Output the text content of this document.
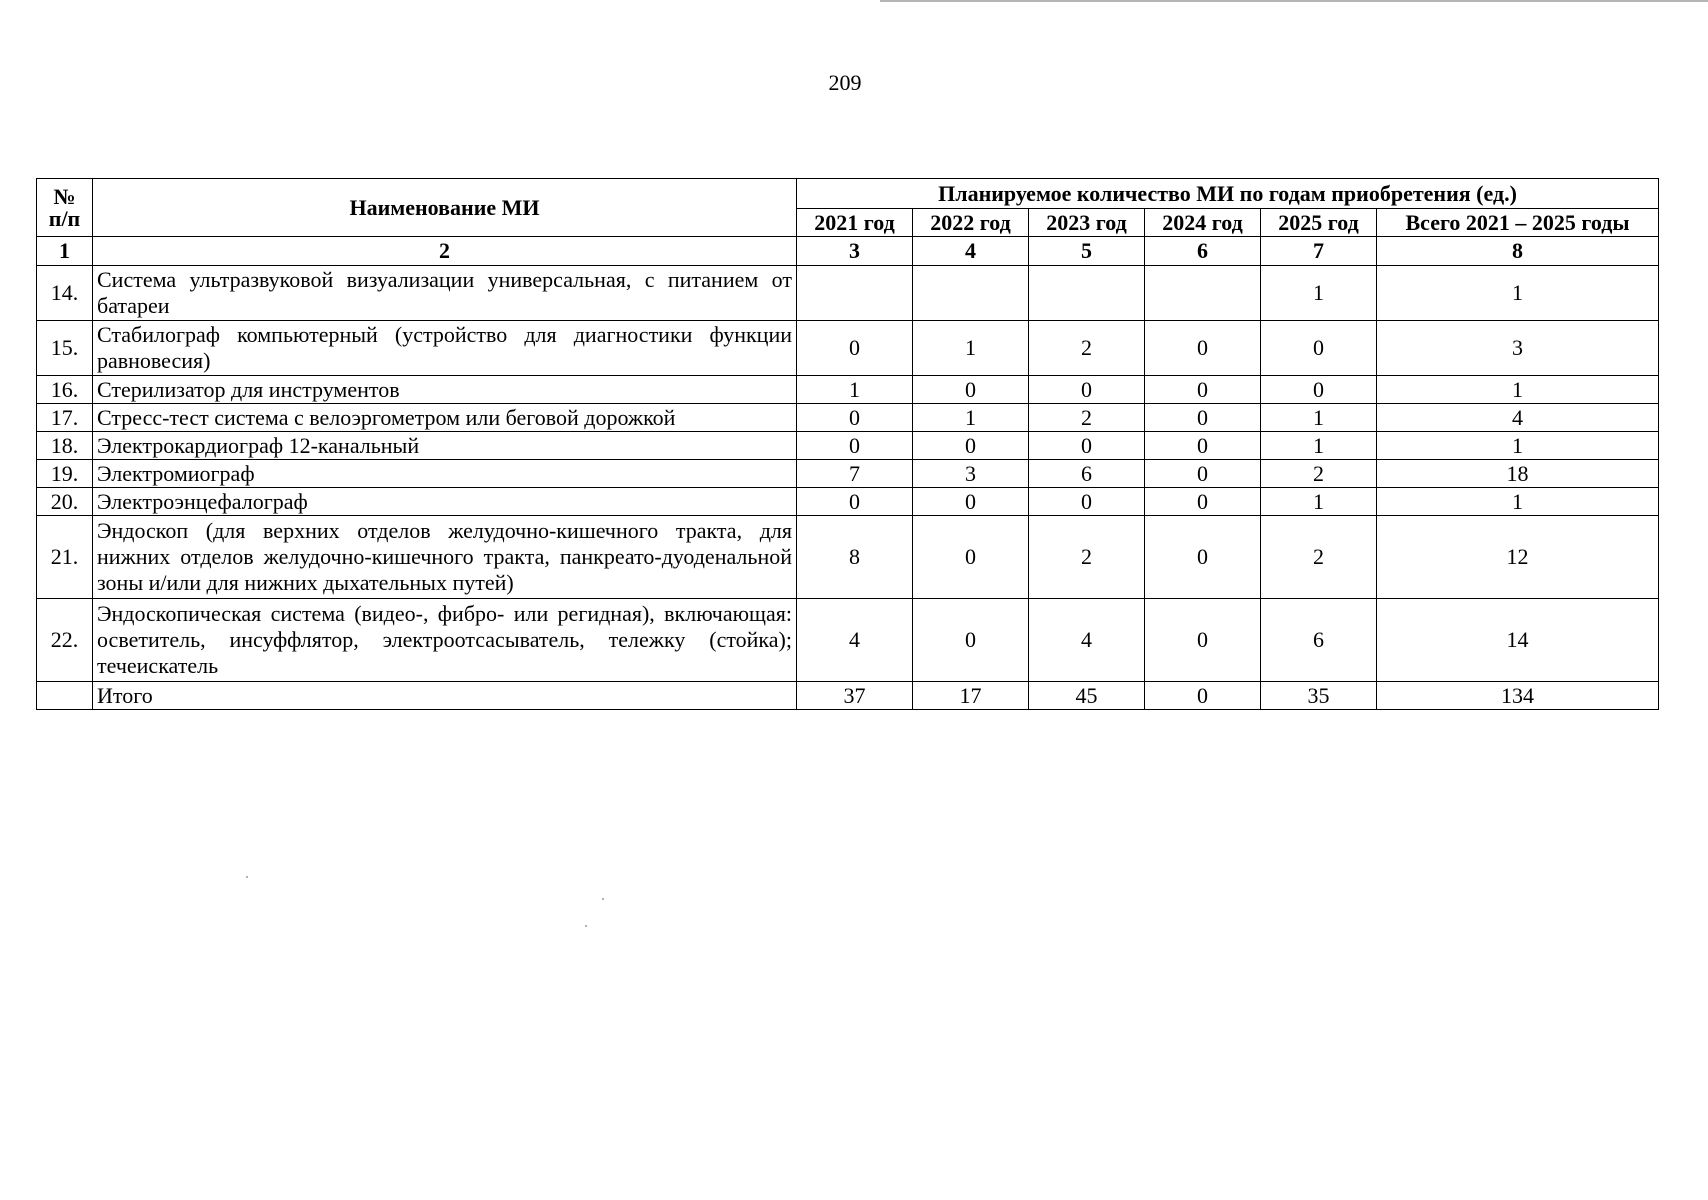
209
№
п/п	Наименование МИ	Планируемое количество МИ по годам приобретения (ед.)					
		2021 год	2022 год	2023 год	2024 год	2025 год	Всего 2021 – 2025 годы
1	2	3	4	5	6	7	8
14.	Система ультразвуковой визуализации универсальная, с питанием от батареи					1	1
15.	Стабилограф компьютерный (устройство для диагностики функции равновесия)	0	1	2	0	0	3
16.	Стерилизатор для инструментов	1	0	0	0	0	1
17.	Стресс-тест система с велоэргометром или беговой дорожкой	0	1	2	0	1	4
18.	Электрокардиограф 12-канальный	0	0	0	0	1	1
19.	Электромиограф	7	3	6	0	2	18
20.	Электроэнцефалограф	0	0	0	0	1	1
21.	Эндоскоп (для верхних отделов желудочно-кишечного тракта, для нижних отделов желудочно-кишечного тракта, панкреато-дуоденальной зоны и/или для нижних дыхательных путей)	8	0	2	0	2	12
22.	Эндоскопическая система (видео-, фибро- или регидная), включающая: осветитель, инсуффлятор, электроотсасыватель, тележку (стойка); течеискатель	4	0	4	0	6	14
	Итого	37	17	45	0	35	134
